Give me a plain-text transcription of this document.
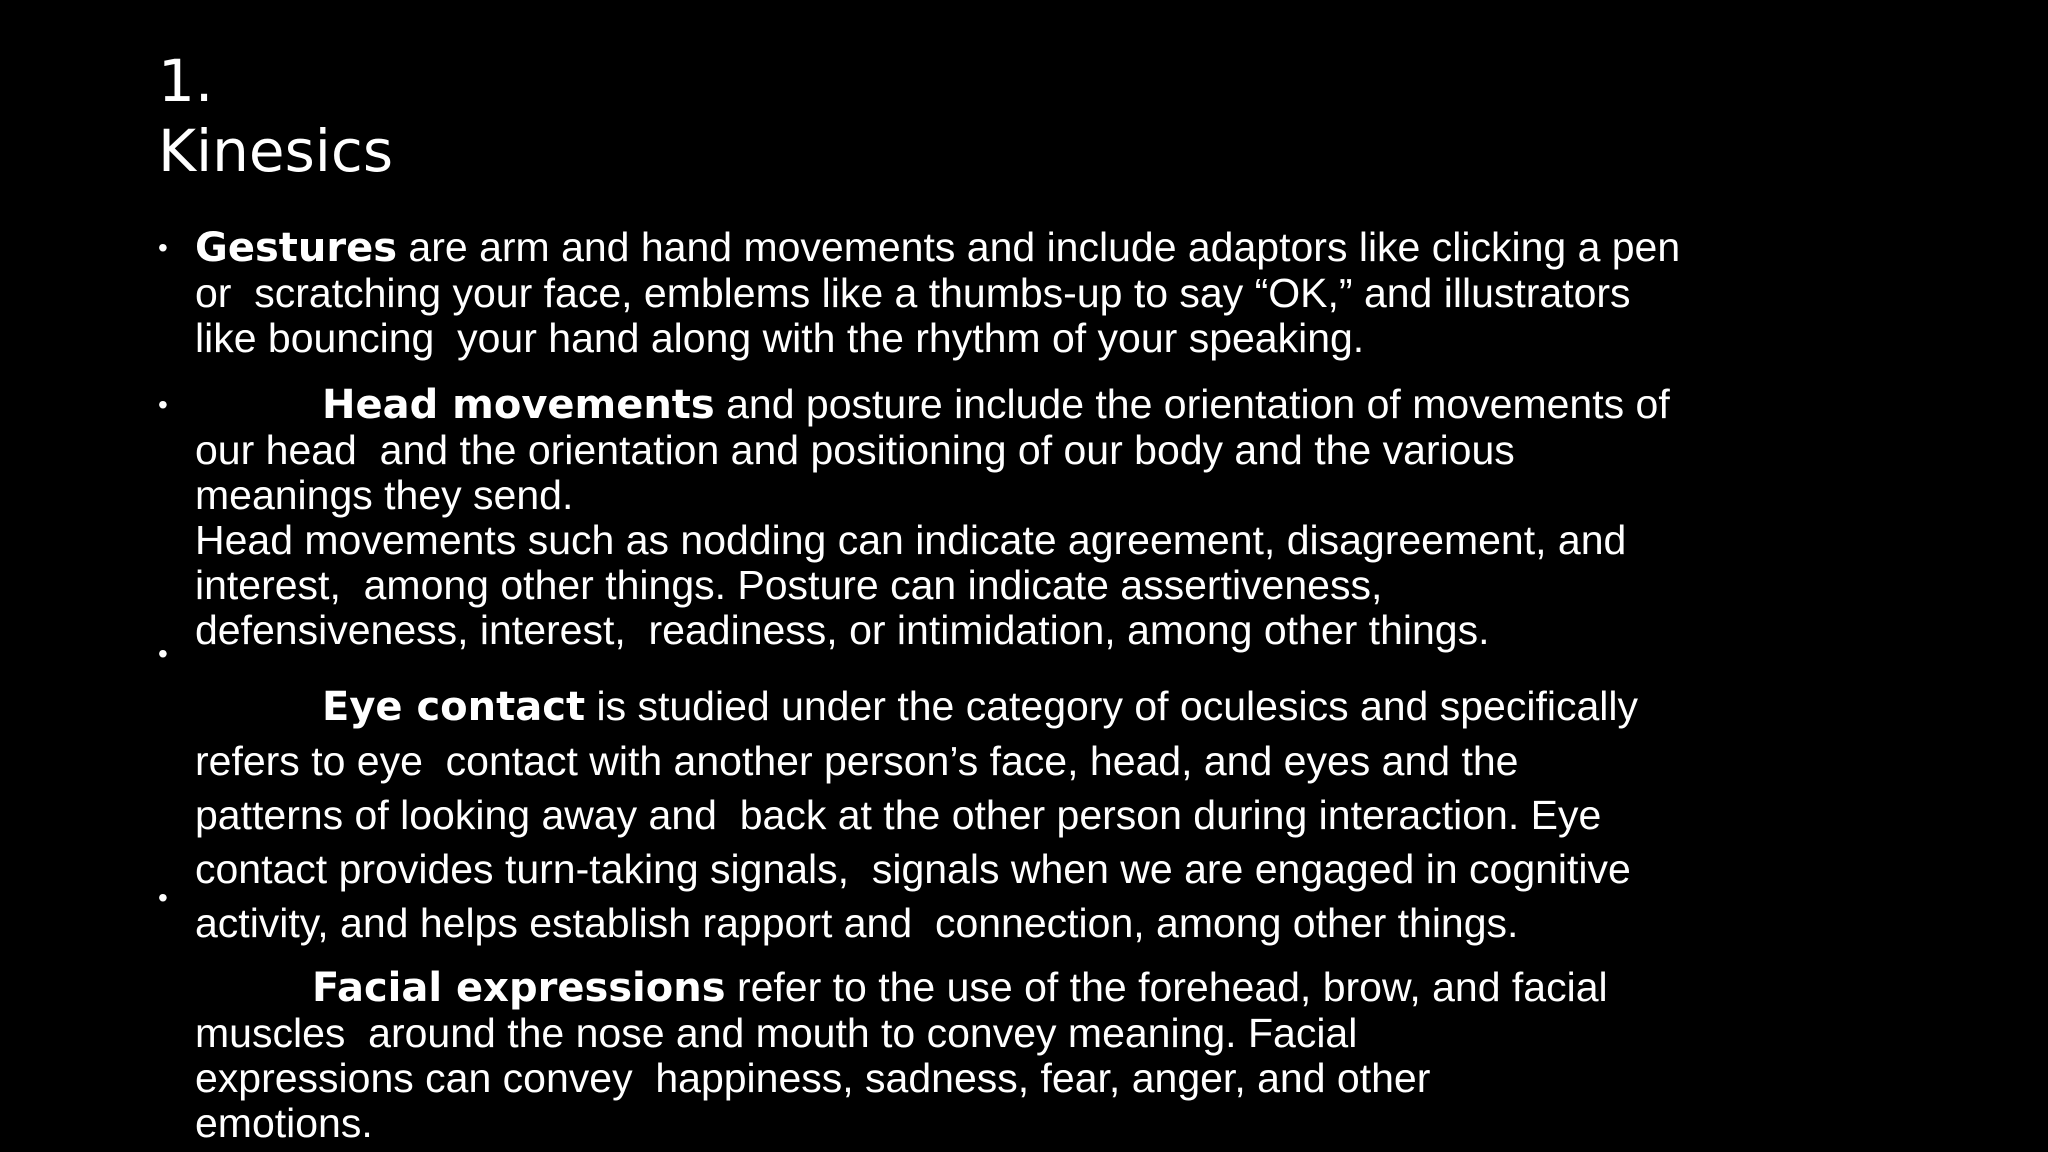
1.
Kinesics
•
•
•
•
Gestures are arm and hand movements and include adaptors like clicking a pen
or  scratching your face, emblems like a thumbs-up to say “OK,” and illustrators
like bouncing  your hand along with the rhythm of your speaking.
Head movements and posture include the orientation of movements of
our head  and the orientation and positioning of our body and the various
meanings they send.
Head movements such as nodding can indicate agreement, disagreement, and
interest,  among other things. Posture can indicate assertiveness,
defensiveness, interest,  readiness, or intimidation, among other things.
Eye contact is studied under the category of oculesics and specifically
refers to eye  contact with another person’s face, head, and eyes and the
patterns of looking away and  back at the other person during interaction. Eye
contact provides turn-taking signals,  signals when we are engaged in cognitive
activity, and helps establish rapport and  connection, among other things.
Facial expressions refer to the use of the forehead, brow, and facial
muscles  around the nose and mouth to convey meaning. Facial
expressions can convey  happiness, sadness, fear, anger, and other
emotions.
